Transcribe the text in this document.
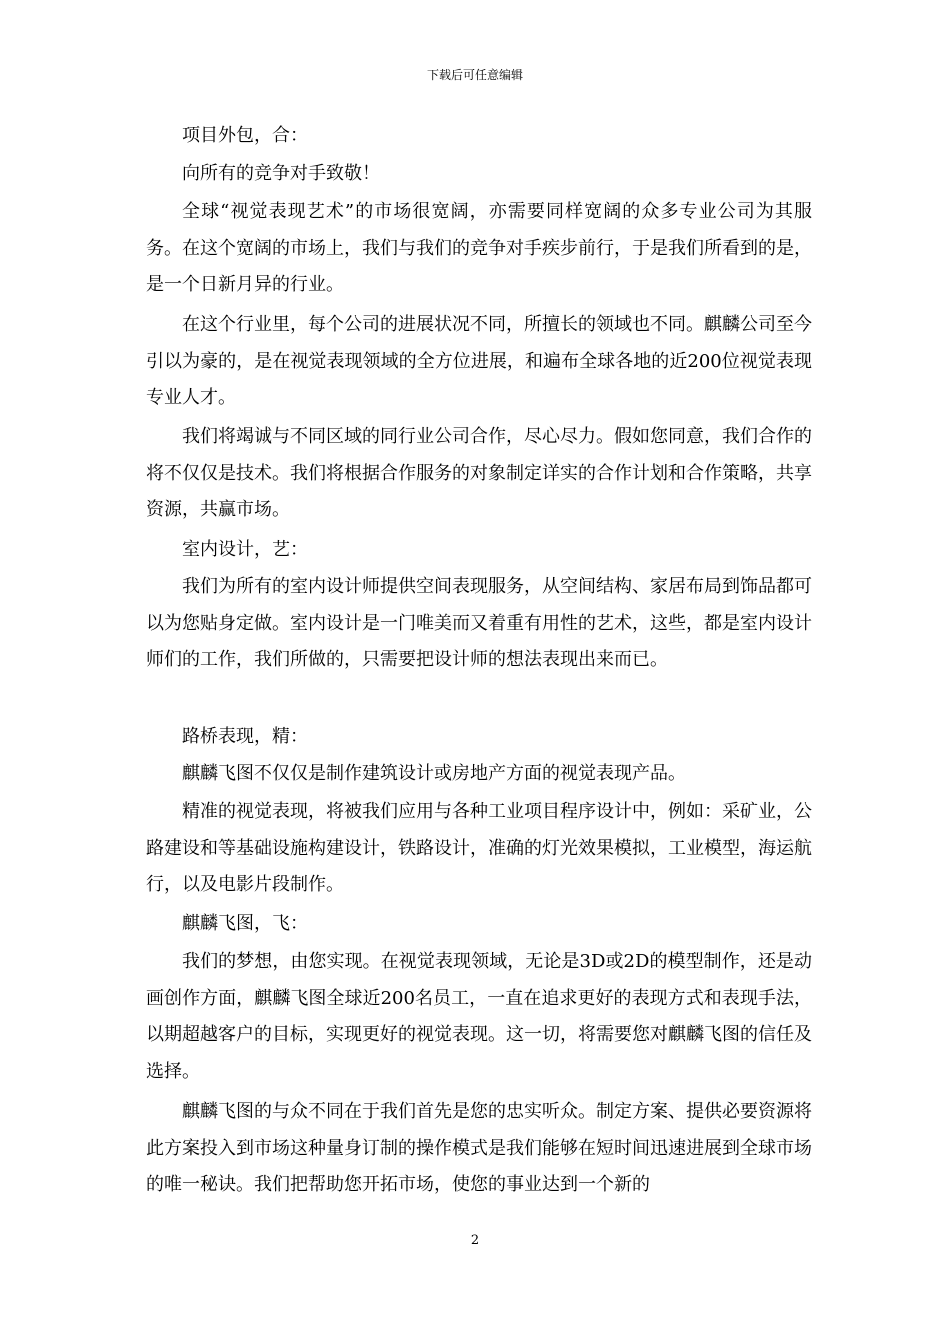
下载后可任意编辑

项目外包，合：

向所有的竞争对手致敬！

全球“视觉表现艺术”的市场很宽阔，亦需要同样宽阔的众多专业公司为其服务。在这个宽阔的市场上，我们与我们的竞争对手疾步前行，于是我们所看到的是，是一个日新月异的行业。

在这个行业里，每个公司的进展状况不同，所擅长的领域也不同。麒麟公司至今引以为豪的，是在视觉表现领域的全方位进展，和遍布全球各地的近200位视觉表现专业人才。

我们将竭诚与不同区域的同行业公司合作，尽心尽力。假如您同意，我们合作的将不仅仅是技术。我们将根据合作服务的对象制定详实的合作计划和合作策略，共享资源，共赢市场。

室内设计，艺：

我们为所有的室内设计师提供空间表现服务，从空间结构、家居布局到饰品都可以为您贴身定做。室内设计是一门唯美而又着重有用性的艺术，这些，都是室内设计师们的工作，我们所做的，只需要把设计师的想法表现出来而已。

路桥表现，精：

麒麟飞图不仅仅是制作建筑设计或房地产方面的视觉表现产品。

精准的视觉表现，将被我们应用与各种工业项目程序设计中，例如：采矿业，公路建设和等基础设施构建设计，铁路设计，准确的灯光效果模拟，工业模型，海运航行，以及电影片段制作。

麒麟飞图，飞：

我们的梦想，由您实现。在视觉表现领域，无论是3D或2D的模型制作，还是动画创作方面，麒麟飞图全球近200名员工，一直在追求更好的表现方式和表现手法，以期超越客户的目标，实现更好的视觉表现。这一切，将需要您对麒麟飞图的信任及选择。

麒麟飞图的与众不同在于我们首先是您的忠实听众。制定方案、提供必要资源将此方案投入到市场这种量身订制的操作模式是我们能够在短时间迅速进展到全球市场的唯一秘诀。我们把帮助您开拓市场，使您的事业达到一个新的

2
